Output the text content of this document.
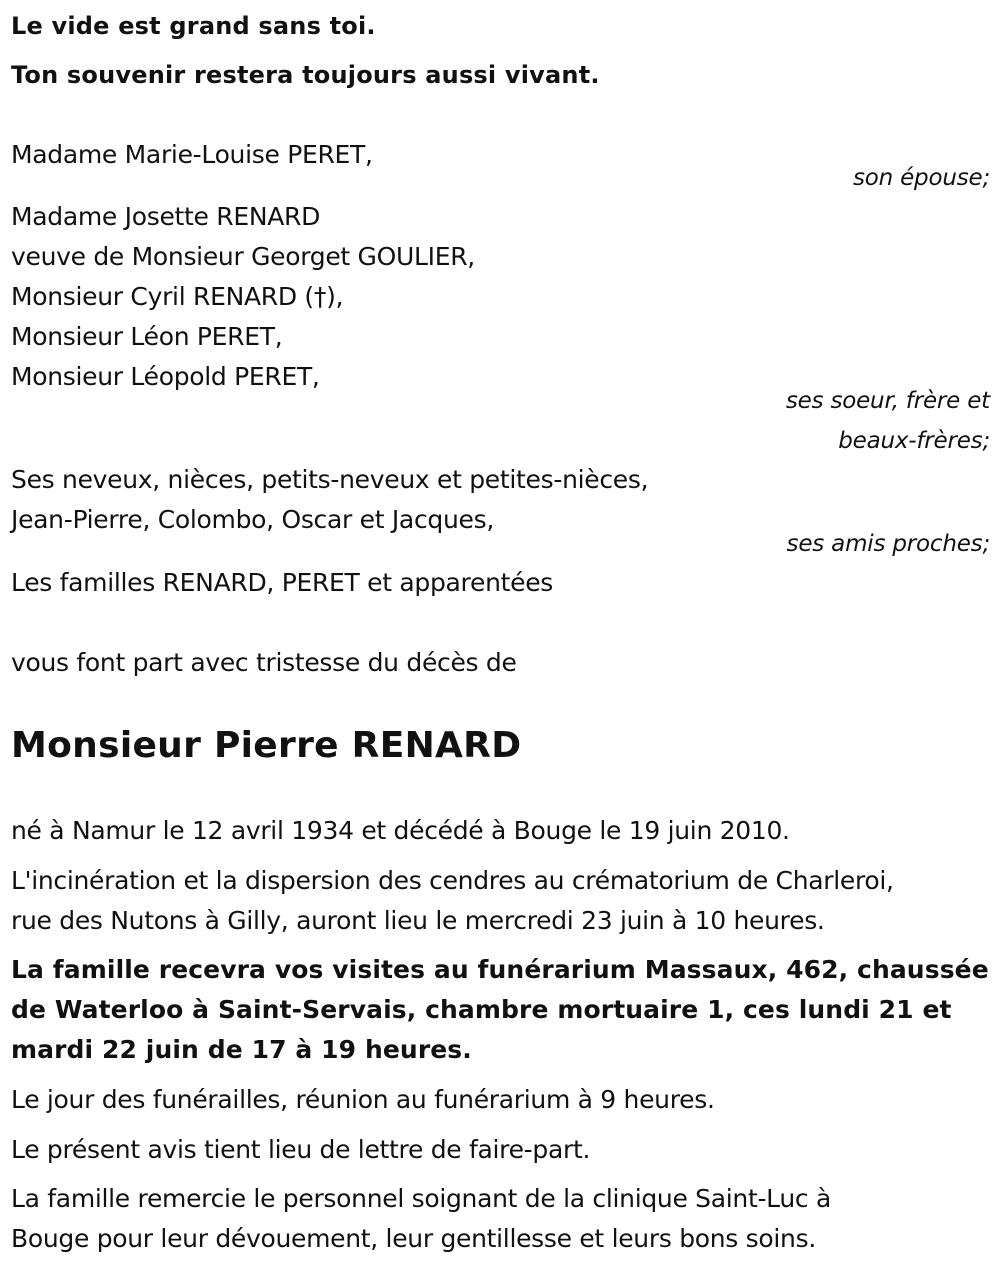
Le vide est grand sans toi.
Ton souvenir restera toujours aussi vivant.
Madame Marie-Louise PERET,
son épouse;
Madame Josette RENARD
veuve de Monsieur Georget GOULIER,
Monsieur Cyril RENARD (†),
Monsieur Léon PERET,
Monsieur Léopold PERET,
ses soeur, frère et
beaux-frères;
Ses neveux, nièces, petits-neveux et petites-nièces,
Jean-Pierre, Colombo, Oscar et Jacques,
ses amis proches;
Les familles RENARD, PERET et apparentées
vous font part avec tristesse du décès de
Monsieur Pierre RENARD
né à Namur le 12 avril 1934 et décédé à Bouge le 19 juin 2010.
L'incinération et la dispersion des cendres au crématorium de Charleroi,
rue des Nutons à Gilly, auront lieu le mercredi 23 juin à 10 heures.
La famille recevra vos visites au funérarium Massaux, 462, chaussée
de Waterloo à Saint-Servais, chambre mortuaire 1, ces lundi 21 et
mardi 22 juin de 17 à 19 heures.
Le jour des funérailles, réunion au funérarium à 9 heures.
Le présent avis tient lieu de lettre de faire-part.
La famille remercie le personnel soignant de la clinique Saint-Luc à
Bouge pour leur dévouement, leur gentillesse et leurs bons soins.
